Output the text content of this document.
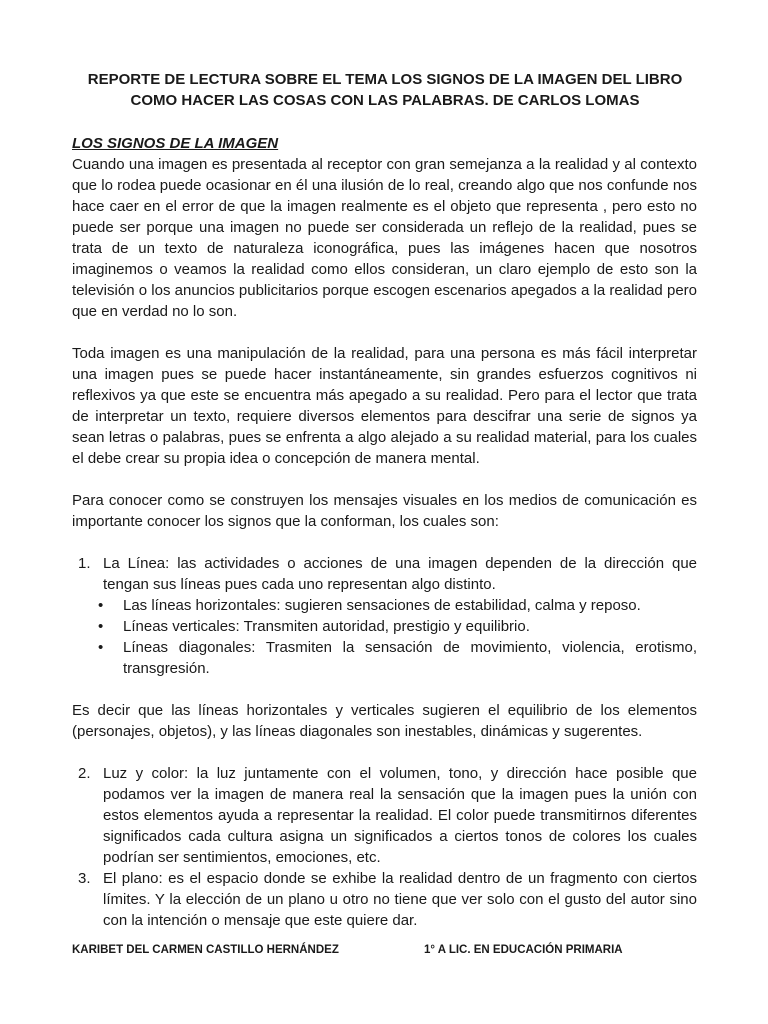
REPORTE DE LECTURA SOBRE EL TEMA LOS SIGNOS DE LA IMAGEN DEL LIBRO
COMO HACER LAS COSAS CON LAS PALABRAS. DE CARLOS LOMAS

LOS SIGNOS DE LA IMAGEN

Cuando una imagen es presentada al receptor con gran semejanza a la realidad y al contexto que lo rodea puede ocasionar en él una ilusión de lo real, creando algo que nos confunde nos hace caer en el error de que la imagen realmente es el objeto que representa , pero esto no puede ser porque una imagen no puede ser considerada un reflejo de la realidad, pues se trata de un texto de naturaleza iconográfica, pues las imágenes hacen que nosotros imaginemos o veamos la realidad como ellos consideran, un claro ejemplo de esto son la televisión o los anuncios publicitarios porque escogen escenarios apegados a la realidad pero que en verdad no lo son.

Toda imagen es una manipulación de la realidad, para una persona es más fácil interpretar una imagen pues se puede hacer instantáneamente, sin grandes esfuerzos cognitivos ni reflexivos ya que este se encuentra más apegado a su realidad. Pero para el lector que trata de interpretar un texto, requiere diversos elementos para descifrar una serie de signos ya sean letras o palabras, pues se enfrenta a algo alejado a su realidad material, para los cuales el debe crear su propia idea o concepción de manera mental.

Para conocer como se construyen los mensajes visuales en los medios de comunicación es importante conocer los signos que la conforman, los cuales son:

1. La Línea: las actividades o acciones de una imagen dependen de la dirección que tengan sus líneas pues cada uno representan algo distinto.
• Las líneas horizontales: sugieren sensaciones de estabilidad, calma y reposo.
• Líneas verticales: Transmiten autoridad, prestigio y equilibrio.
• Líneas diagonales: Trasmiten la sensación de movimiento, violencia, erotismo, transgresión.

Es decir que las líneas horizontales y verticales sugieren el equilibrio de los elementos (personajes, objetos), y las líneas diagonales son inestables, dinámicas y sugerentes.

2. Luz y color: la luz juntamente con el volumen, tono, y dirección hace posible que podamos ver la imagen de manera real la sensación que la imagen pues la unión con estos elementos ayuda a representar la realidad. El color puede transmitirnos diferentes significados cada cultura asigna un significados a ciertos tonos de colores los cuales podrían ser sentimientos, emociones, etc.
3. El plano: es el espacio donde se exhibe la realidad dentro de un fragmento con ciertos límites. Y la elección de un plano u otro no tiene que ver solo con el gusto del autor sino con la intención o mensaje que este quiere dar.
KARIBET DEL CARMEN CASTILLO HERNÁNDEZ	1° A LIC. EN EDUCACIÓN PRIMARIA
